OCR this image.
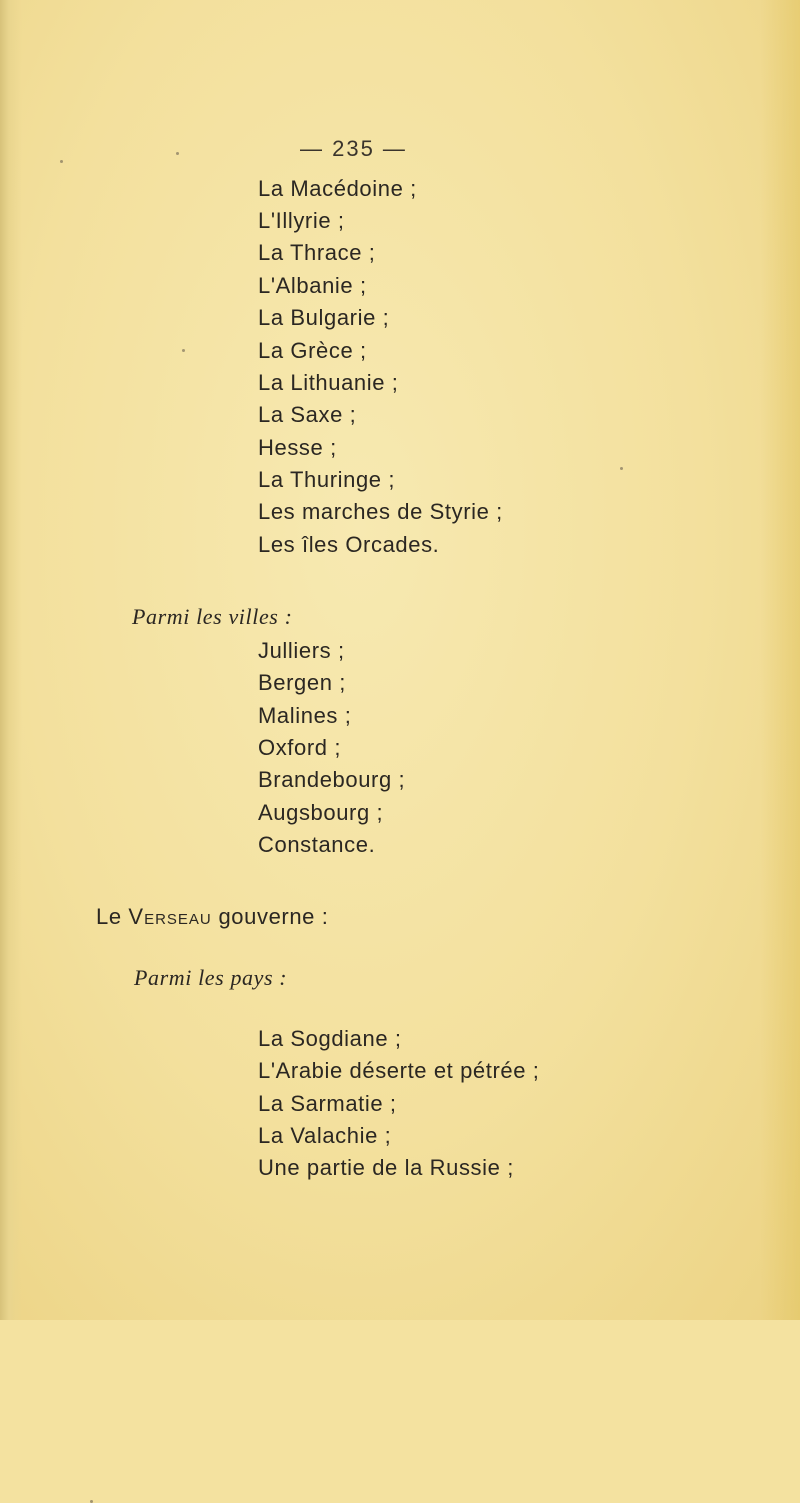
— 235 —

La Macédoine ;

L'Illyrie ;

La Thrace ;

L'Albanie ;

La Bulgarie ;

La Grèce ;

La Lithuanie ;

La Saxe ;

Hesse ;

La Thuringe ;

Les marches de Styrie ;

Les îles Orcades.

Parmi les villes :

Julliers ;

Bergen ;

Malines ;

Oxford ;

Brandebourg ;

Augsbourg ;

Constance.

Le Verseau gouverne :

Parmi les pays :

La Sogdiane ;

L'Arabie déserte et pétrée ;

La Sarmatie ;

La Valachie ;

Une partie de la Russie ;
